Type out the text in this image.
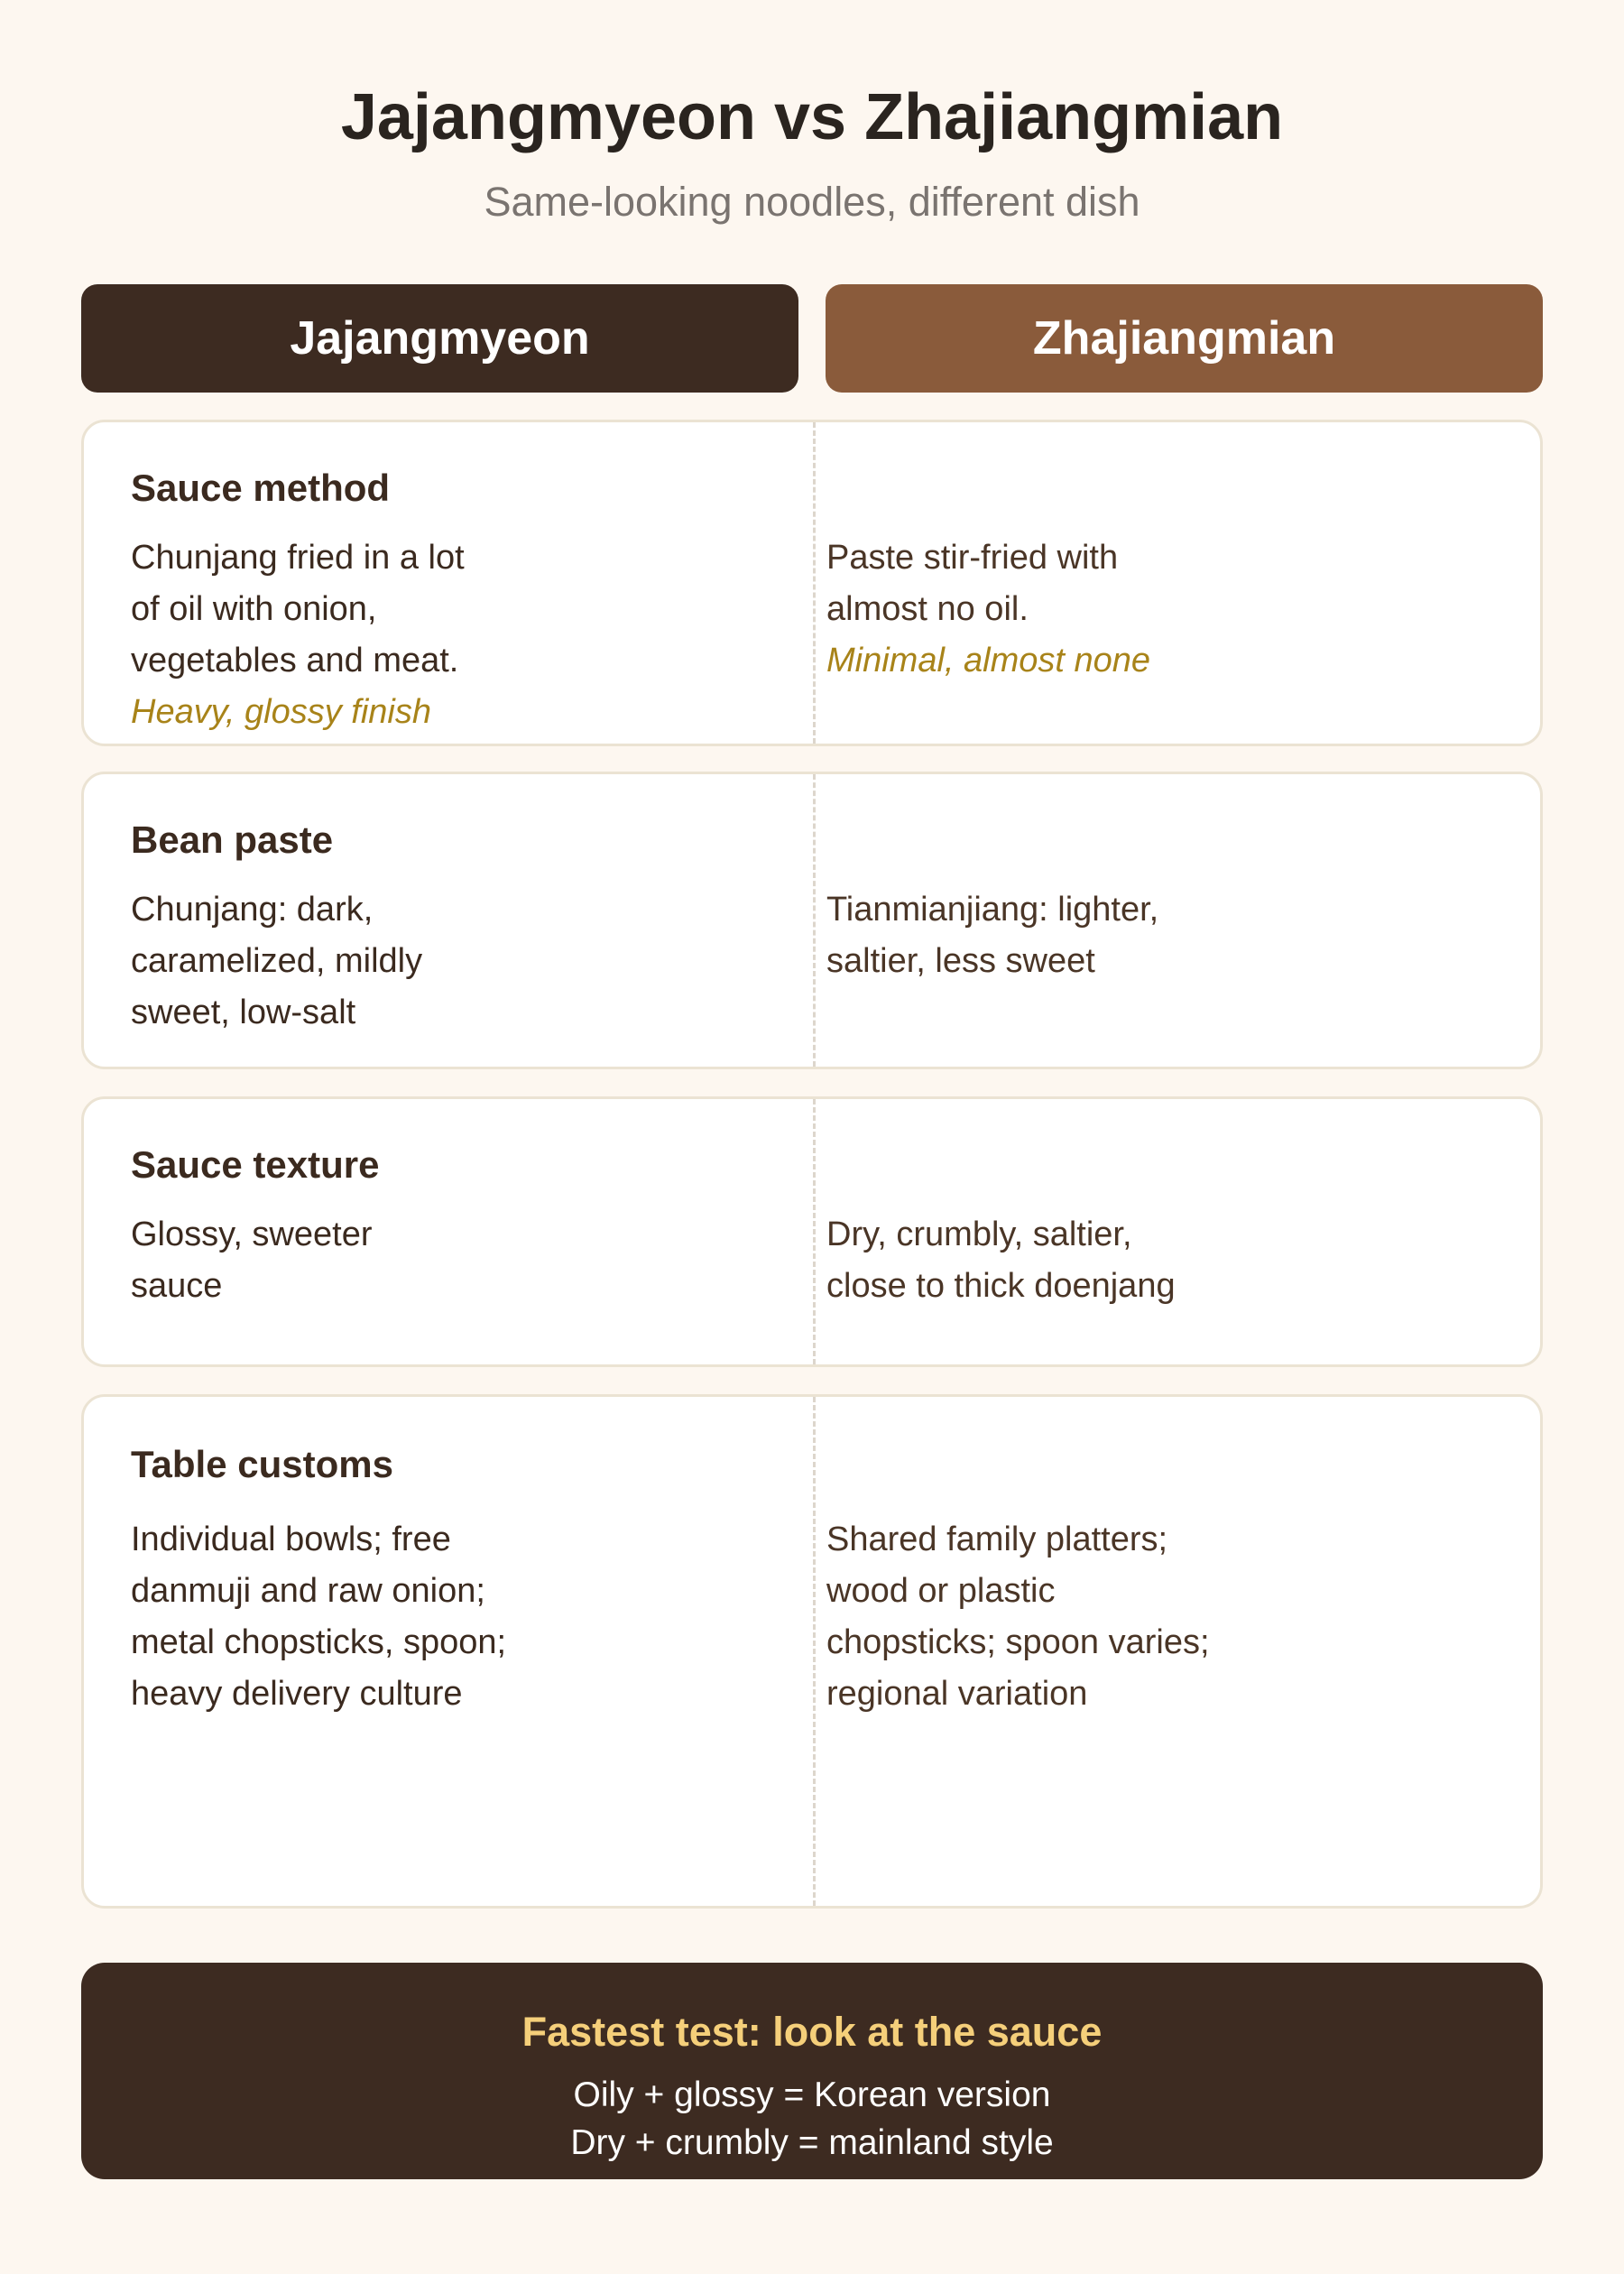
Jajangmyeon vs Zhajiangmian
Same-looking noodles, different dish
Jajangmyeon	Zhajiangmian
Sauce method
Chunjang fried in a lot
of oil with onion,
vegetables and meat.
Heavy, glossy finish
Paste stir-fried with
almost no oil.
Minimal, almost none
Bean paste
Chunjang: dark,
caramelized, mildly
sweet, low-salt
Tianmianjiang: lighter,
saltier, less sweet
Sauce texture
Glossy, sweeter
sauce
Dry, crumbly, saltier,
close to thick doenjang
Table customs
Individual bowls; free
danmuji and raw onion;
metal chopsticks, spoon;
heavy delivery culture
Shared family platters;
wood or plastic
chopsticks; spoon varies;
regional variation
Fastest test: look at the sauce
Oily + glossy = Korean version
Dry + crumbly = mainland style
